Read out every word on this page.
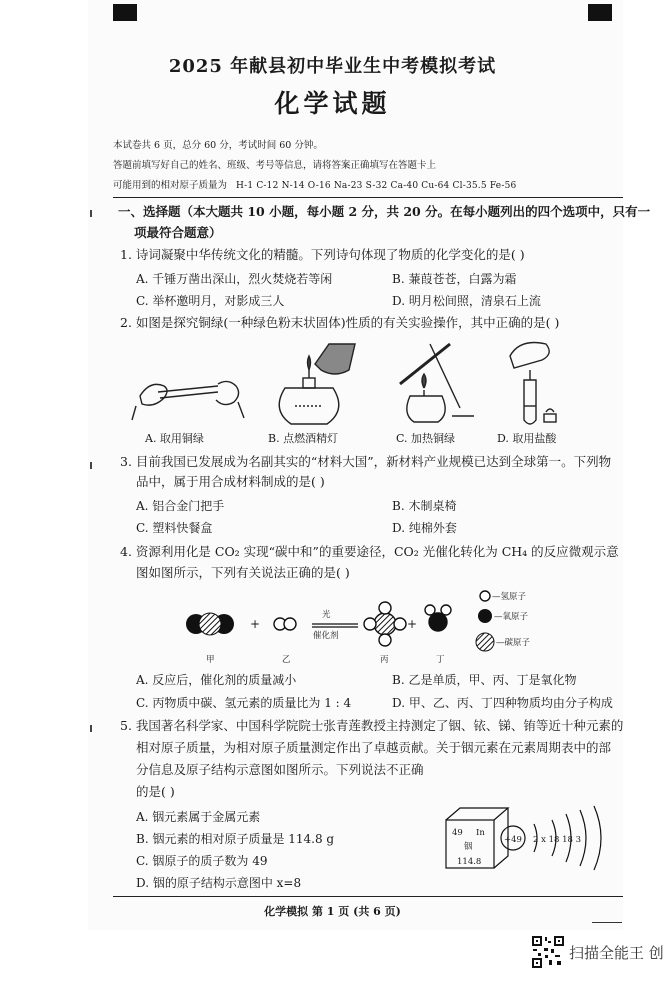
2025 年献县初中毕业生中考模拟考试
化学试题
本试卷共 6 页，总分 60 分，考试时间 60 分钟。
答题前填写好自己的姓名、班级、考号等信息，请将答案正确填写在答题卡上
可能用到的相对原子质量为 H-1 C-12 N-14 O-16 Na-23 S-32 Ca-40 Cu-64 Cl-35.5 Fe-56
一、选择题（本大题共 10 小题，每小题 2 分，共 20 分。在每小题列出的四个选项中，只有一
项最符合题意）
1. 诗词凝聚中华传统文化的精髓。下列诗句体现了物质的化学变化的是( )
A. 千锤万凿出深山，烈火焚烧若等闲	B. 蒹葭苍苍，白露为霜
C. 举杯邀明月，对影成三人	D. 明月松间照，清泉石上流
2. 如图是探究铜绿(一种绿色粉末状固体)性质的有关实验操作，其中正确的是( )
A. 取用铜绿	B. 点燃酒精灯	C. 加热铜绿	D. 取用盐酸
3. 目前我国已发展成为名副其实的“材料大国”，新材料产业规模已达到全球第一。下列物
品中，属于用合成材料制成的是( )
A. 铝合金门把手	B. 木制桌椅
C. 塑料快餐盒	D. 纯棉外套
4. 资源利用化是 CO₂ 实现“碳中和”的重要途径，CO₂ 光催化转化为 CH₄ 的反应微观示意
图如图所示，下列有关说法正确的是( )
+	+
光
催化剂
—氢原子
—氧原子
—碳原子
甲	乙	丙	丁
A. 反应后，催化剂的质量减小	B. 乙是单质，甲、丙、丁是氧化物
C. 丙物质中碳、氢元素的质量比为 1 : 4	D. 甲、乙、丙、丁四种物质均由分子构成
5. 我国著名科学家、中国科学院院士张青莲教授主持测定了铟、铱、锑、铕等近十种元素的
相对原子质量，为相对原子质量测定作出了卓越贡献。关于铟元素在元素周期表中的部
分信息及原子结构示意图如图所示。下列说法不正确
的是( )
A. 铟元素属于金属元素
B. 铟元素的相对原子质量是 114.8 g
C. 铟原子的质子数为 49
D. 铟的原子结构示意图中 x=8
49 In
铟
114.8
+49 2 x 18 18 3
化学模拟 第 1 页 (共 6 页)
扫描全能王 创
